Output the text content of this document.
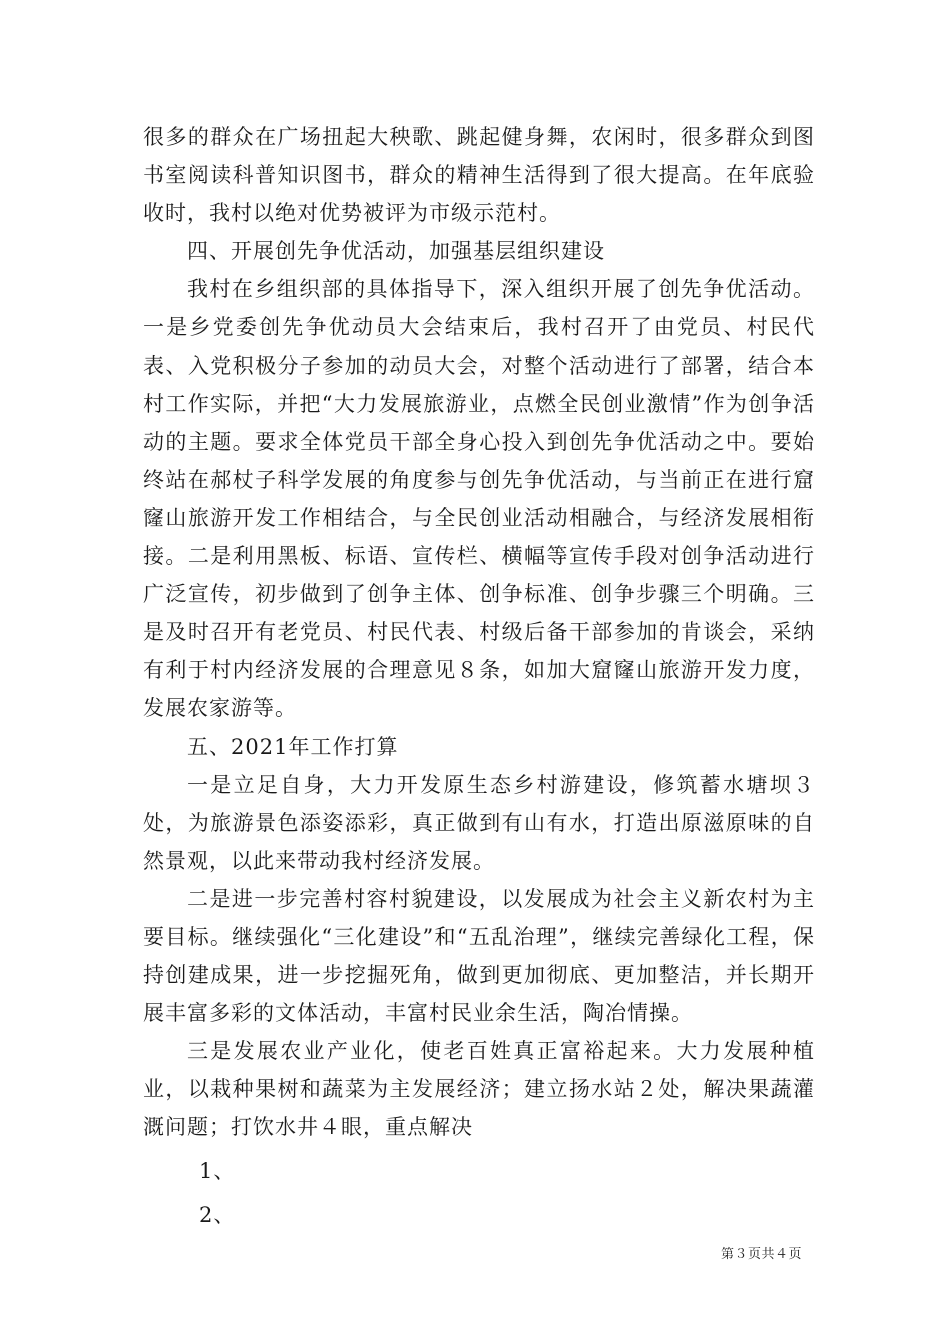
很多的群众在广场扭起大秧歌、跳起健身舞，农闲时，很多群众到图书室阅读科普知识图书，群众的精神生活得到了很大提高。在年底验收时，我村以绝对优势被评为市级示范村。

四、开展创先争优活动，加强基层组织建设

我村在乡组织部的具体指导下，深入组织开展了创先争优活动。一是乡党委创先争优动员大会结束后，我村召开了由党员、村民代表、入党积极分子参加的动员大会，对整个活动进行了部署，结合本村工作实际，并把“大力发展旅游业，点燃全民创业激情”作为创争活动的主题。要求全体党员干部全身心投入到创先争优活动之中。要始终站在郝杖子科学发展的角度参与创先争优活动，与当前正在进行窟窿山旅游开发工作相结合，与全民创业活动相融合，与经济发展相衔接。二是利用黑板、标语、宣传栏、横幅等宣传手段对创争活动进行广泛宣传，初步做到了创争主体、创争标准、创争步骤三个明确。三是及时召开有老党员、村民代表、村级后备干部参加的肯谈会，采纳有利于村内经济发展的合理意见８条，如加大窟窿山旅游开发力度，发展农家游等。

五、2021年工作打算

一是立足自身，大力开发原生态乡村游建设，修筑蓄水塘坝３处，为旅游景色添姿添彩，真正做到有山有水，打造出原滋原味的自然景观，以此来带动我村经济发展。

二是进一步完善村容村貌建设，以发展成为社会主义新农村为主要目标。继续强化“三化建设”和“五乱治理”，继续完善绿化工程，保持创建成果，进一步挖掘死角，做到更加彻底、更加整洁，并长期开展丰富多彩的文体活动，丰富村民业余生活，陶冶情操。

三是发展农业产业化，使老百姓真正富裕起来。大力发展种植业，以栽种果树和蔬菜为主发展经济；建立扬水站２处，解决果蔬灌溉问题；打饮水井４眼，重点解决

1、

2、

第３页共４页
